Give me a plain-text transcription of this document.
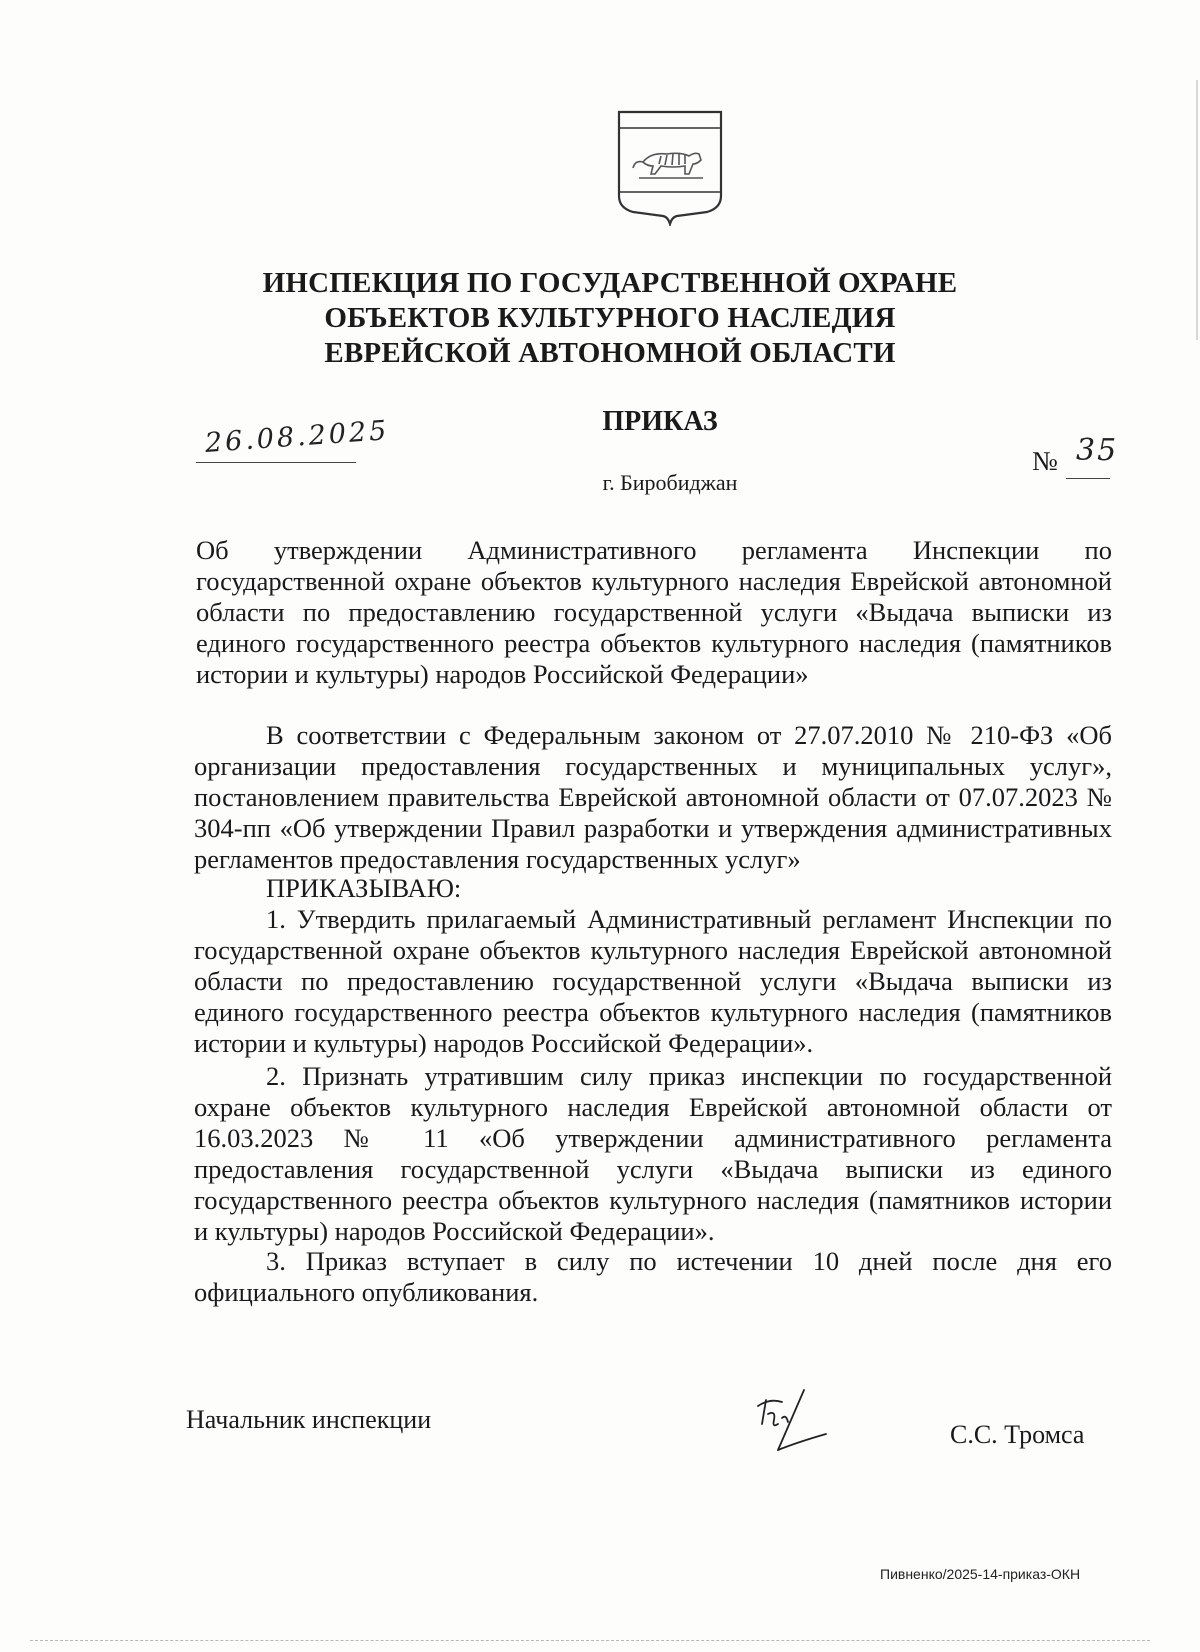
ИНСПЕКЦИЯ ПО ГОСУДАРСТВЕННОЙ ОХРАНЕ
ОБЪЕКТОВ КУЛЬТУРНОГО НАСЛЕДИЯ
ЕВРЕЙСКОЙ АВТОНОМНОЙ ОБЛАСТИ
ПРИКАЗ
26.08.2025
№ 35
г. Биробиджан
Об утверждении Административного регламента Инспекции по государственной охране объектов культурного наследия Еврейской автономной области по предоставлению государственной услуги «Выдача выписки из единого государственного реестра объектов культурного наследия (памятников истории и культуры) народов Российской Федерации»
В соответствии с Федеральным законом от 27.07.2010 № 210-ФЗ «Об организации предоставления государственных и муниципальных услуг», постановлением правительства Еврейской автономной области от 07.07.2023 № 304-пп «Об утверждении Правил разработки и утверждения административных регламентов предоставления государственных услуг»
ПРИКАЗЫВАЮ:
1. Утвердить прилагаемый Административный регламент Инспекции по государственной охране объектов культурного наследия Еврейской автономной области по предоставлению государственной услуги «Выдача выписки из единого государственного реестра объектов культурного наследия (памятников истории и культуры) народов Российской Федерации».
2. Признать утратившим силу приказ инспекции по государственной охране объектов культурного наследия Еврейской автономной области от 16.03.2023 № 11 «Об утверждении административного регламента предоставления государственной услуги «Выдача выписки из единого государственного реестра объектов культурного наследия (памятников истории и культуры) народов Российской Федерации».
3. Приказ вступает в силу по истечении 10 дней после дня его официального опубликования.
Начальник инспекции
С.С. Тромса
Пивненко/2025-14-приказ-ОКН
